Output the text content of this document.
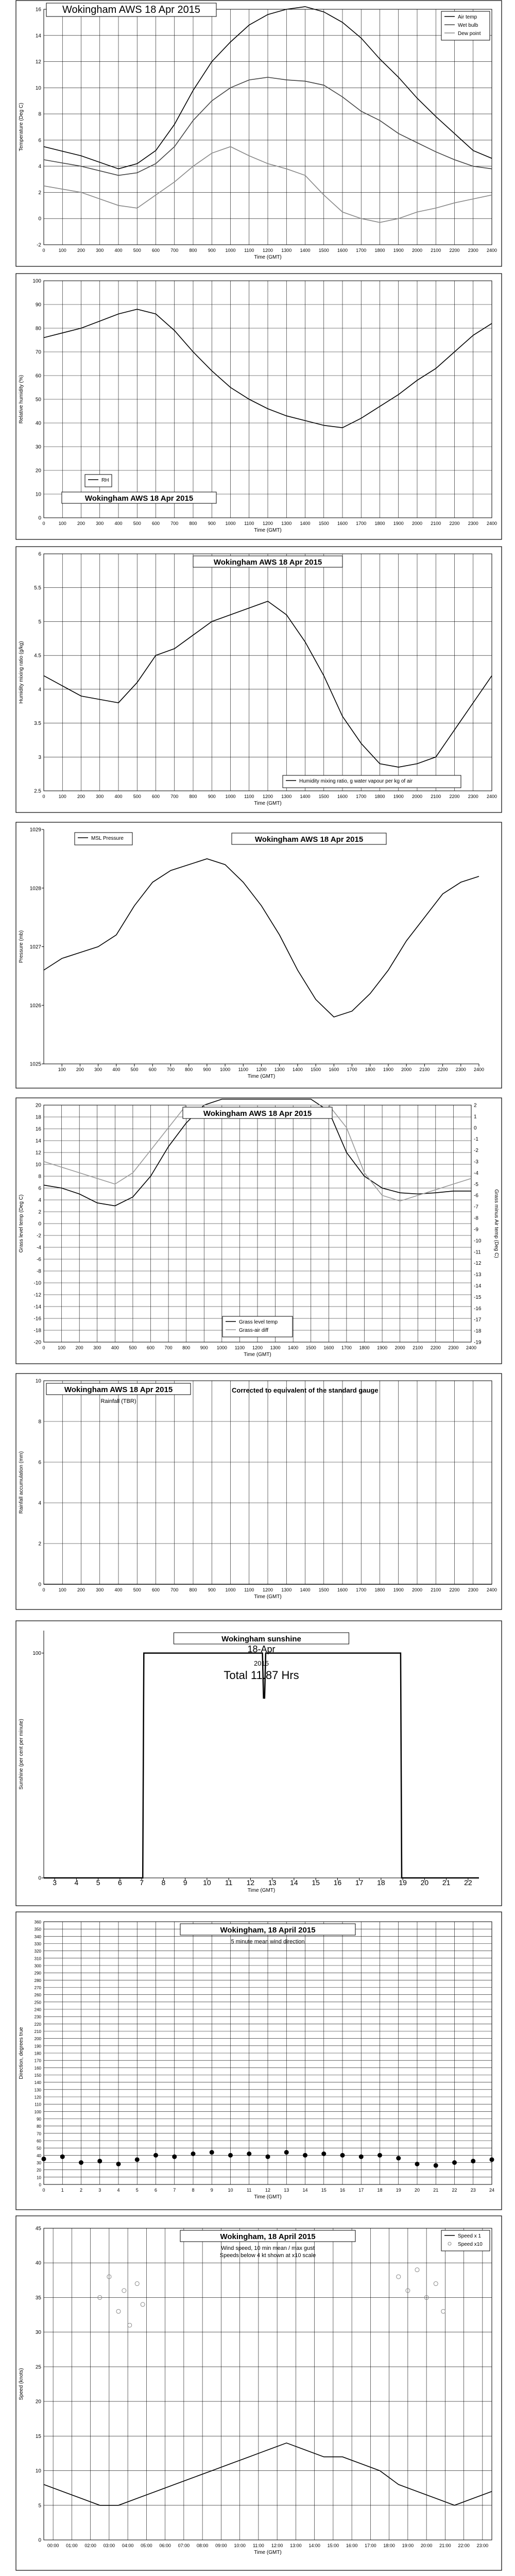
-2
0
2
4
6
8
10
12
14
16
0	100 200 300 400 500 600 700 800 900 1000 1100 1200 1300 1400 1500 1600 1700 1800 1900 2000 2100 2200 2300 2400
Time (GMT)
Temperature (Deg C)
Wokingham AWS 18 Apr 2015
Air temp
Wet bulb
Dew point
0
10
20
30
40
50
60
70
80
90
100
0	100 200 300 400 500 600 700 800 900 1000 1100 1200 1300 1400 1500 1600 1700 1800 1900 2000 2100 2200 2300 2400
Time (GMT)
Relative humidity (%)
Wokingham AWS 18 Apr 2015
RH
2.5
3
3.5
4
4.5
5
5.5
6
0	100 200 300 400 500 600 700 800 900 1000 1100 1200 1300 1400 1500 1600 1700 1800 1900 2000 2100 2200 2300 2400
Time (GMT)
Humidity mixing ratio (g/kg)
Wokingham AWS 18 Apr 2015
Humidity mixing ratio, g water vapour per kg of air
1025
1026
1027
1028
1029
100 200 300 400 500 600 700 800 900 1000 1100 1200 1300 1400 1500 1600 1700 1800 1900 2000 2100 2200 2300 2400
Time (GMT)
Pressure (mb)
Wokingham AWS 18 Apr 2015
MSL Pressure
-20
-18
-16
-14
-12
-10
-8
-6
-4
-2
0
2
4
6
8
10
12
14
16
18
20
-19
-18
-17
-16
-15
-14
-13
-12
-11
-10
-9
-8
-7
-6
-5
-4
-3
-2
-1
0
1
2
0	100 200 300 400 500 600 700 800 900 1000 1100 1200 1300 1400 1500 1600 1700 1800 1900 2000 2100 2200 2300 2400
Time (GMT)
Grass level temp (Deg C)	Grass minus Air temp (Deg C)
Wokingham AWS 18 Apr 2015
Grass level temp
Grass-air diff
0
2
4
6
8
10
0	100 200 300 400 500 600 700 800 900 1000 1100 1200 1300 1400 1500 1600 1700 1800 1900 2000 2100 2200 2300 2400
Time (GMT)
Rainfall accumulation (mm)
Wokingham AWS 18 Apr 2015
Rainfall (TBR)
Corrected to equivalent of the standard gauge
0
100
3 4 5 6 7 8 9 10 11 12 13 14 15 16 17 18 19 20 21 22
Time (GMT)
Sunshine (per cent per minute)
Wokingham sunshine
18-Apr
2015
Total 11.87 Hrs
0
10
20
30
40
50
60
70
80
90
100
110
120
130
140
150
160
170
180
190
200
210
220
230
240
250
260
270
280
290
300
310
320
330
340
350
360
0	1	2	3	4	5	6	7	8	9	10	11	12	13	14	15	16	17	18	19	20	21	22	23	24
Time (GMT)
Direction, degrees true
Wokingham, 18 April 2015
5 minute mean wind direction
0
5
10
15
20
25
30
35
40
45
00:00 01:00 02:00 03:00 04:00 05:00 06:00 07:00 08:00 09:00 10:00 11:00 12:00 13:00 14:00 15:00 16:00 17:00 18:00 19:00 20:00 21:00 22:00 23:00
Time (GMT)
Speed (knots)
Wokingham, 18 April 2015
Wind speed, 10 min mean / max gust
Speeds below 4 kt shown at x10 scale
Speed x 1
Speed x10
